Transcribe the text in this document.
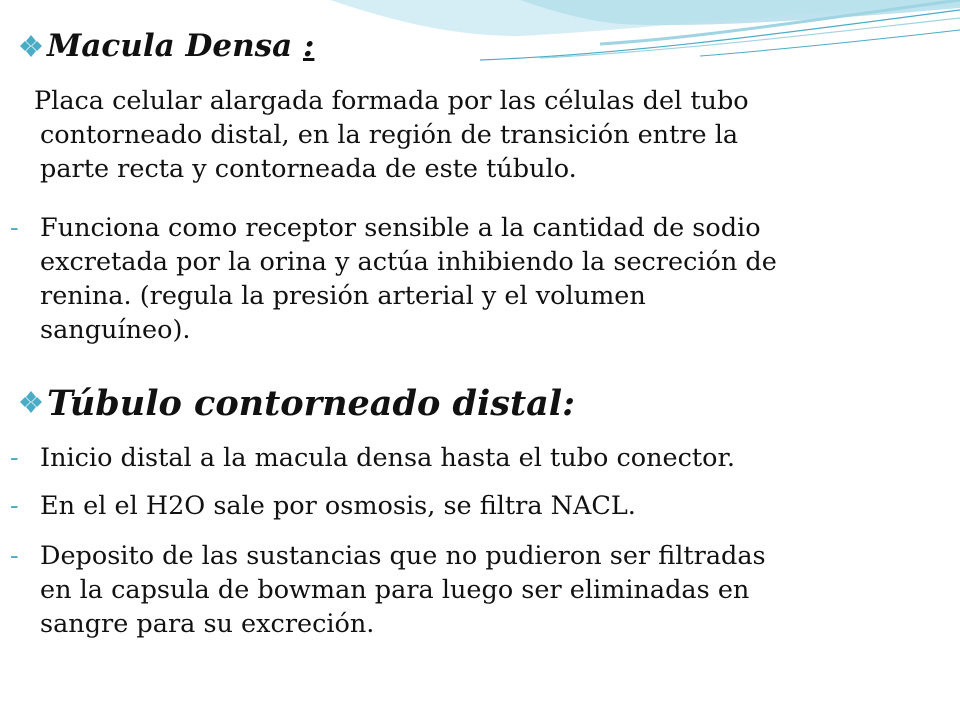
Macula Densa :
Placa celular alargada formada por las células del tubo
contorneado distal, en la región de transición entre la
parte recta y contorneada de este túbulo.
- Funciona como receptor sensible a la cantidad de sodio
excretada por la orina y actúa inhibiendo la secreción de
renina. (regula la presión arterial y el volumen
sanguíneo).
Túbulo contorneado distal:
- Inicio distal a la macula densa hasta el tubo conector.
- En el el H2O sale por osmosis, se filtra NACL.
- Deposito de las sustancias que no pudieron ser filtradas
en la capsula de bowman para luego ser eliminadas en
sangre para su excreción.
